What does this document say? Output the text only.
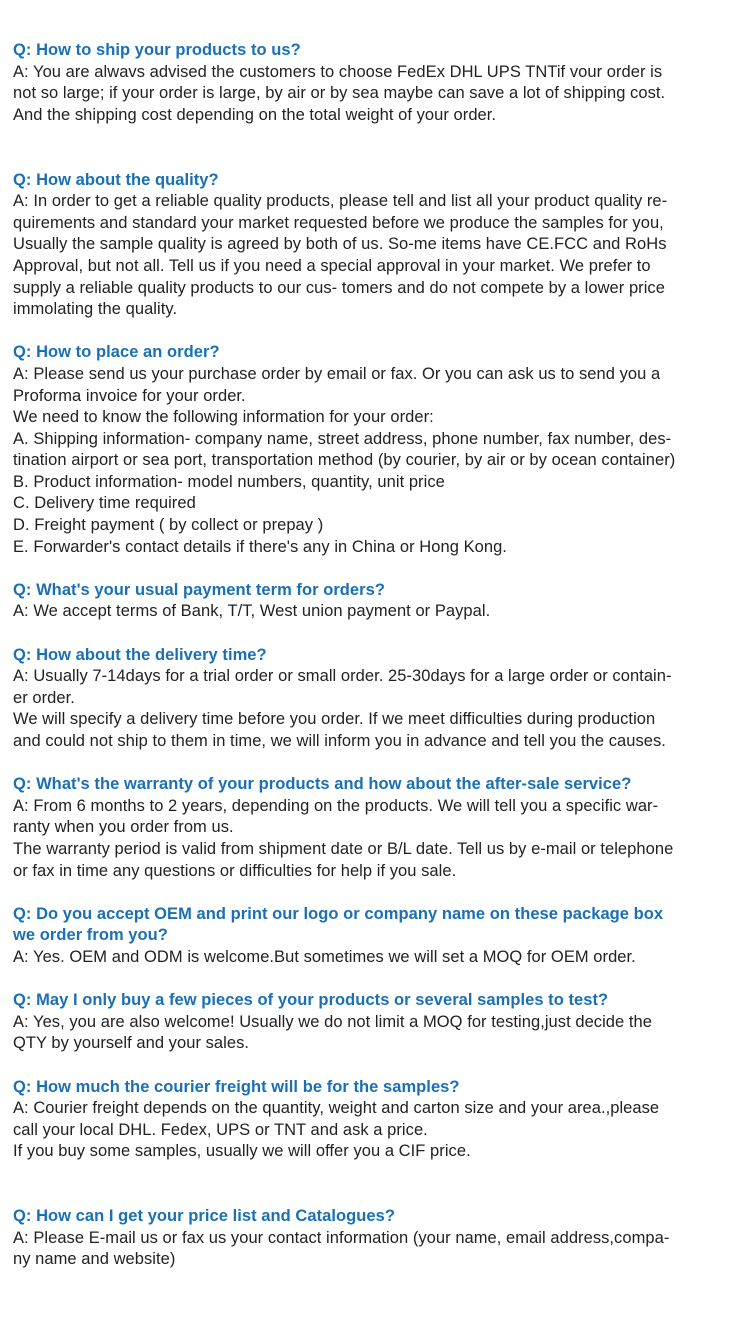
Q: How to ship your products to us?

A: You are alwavs advised the customers to choose FedEx DHL UPS TNTif vour order is

not so large; if your order is large, by air or by sea maybe can save a lot of shipping cost.

And the shipping cost depending on the total weight of your order.

Q: How about the quality?

A: In order to get a reliable quality products, please tell and list all your product quality re-

quirements and standard your market requested before we produce the samples for you,

Usually the sample quality is agreed by both of us. So-me items have CE.FCC and RoHs

Approval, but not all. Tell us if you need a special approval in your market. We prefer to

supply a reliable quality products to our cus- tomers and do not compete by a lower price

immolating the quality.

Q: How to place an order?

A: Please send us your purchase order by email or fax. Or you can ask us to send you a

Proforma invoice for your order.

We need to know the following information for your order:

A. Shipping information- company name, street address, phone number, fax number, des-

tination airport or sea port, transportation method (by courier, by air or by ocean container)

B. Product information- model numbers, quantity, unit price

C. Delivery time required

D. Freight payment ( by collect or prepay )

E. Forwarder's contact details if there's any in China or Hong Kong.

Q: What's your usual payment term for orders?

A: We accept terms of Bank, T/T, West union payment or Paypal.

Q: How about the delivery time?

A: Usually 7-14days for a trial order or small order. 25-30days for a large order or contain-

er order.

We will specify a delivery time before you order. If we meet difficulties during production

and could not ship to them in time, we will inform you in advance and tell you the causes.

Q: What's the warranty of your products and how about the after-sale service?

A: From 6 months to 2 years, depending on the products. We will tell you a specific war-

ranty when you order from us.

The warranty period is valid from shipment date or B/L date. Tell us by e-mail or telephone

or fax in time any questions or difficulties for help if you sale.

Q: Do you accept OEM and print our logo or company name on these package box

we order from you?

A: Yes. OEM and ODM is welcome.But sometimes we will set a MOQ for OEM order.

Q: May I only buy a few pieces of your products or several samples to test?

A: Yes, you are also welcome! Usually we do not limit a MOQ for testing,just decide the

QTY by yourself and your sales.

Q: How much the courier freight will be for the samples?

A: Courier freight depends on the quantity, weight and carton size and your area.,please

call your local DHL. Fedex, UPS or TNT and ask a price.

If you buy some samples, usually we will offer you a CIF price.

Q: How can I get your price list and Catalogues?

A: Please E-mail us or fax us your contact information (your name, email address,compa-

ny name and website)
